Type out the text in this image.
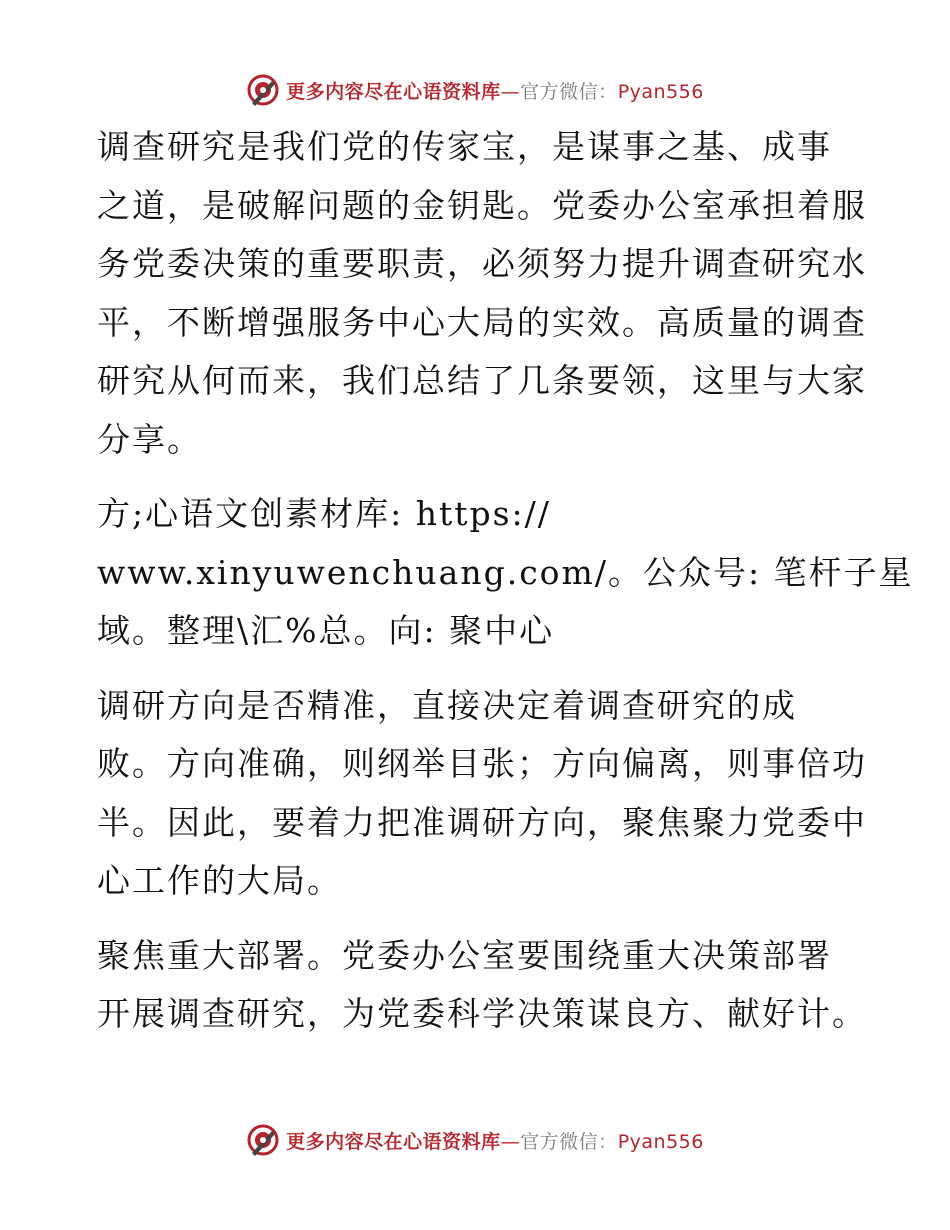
更多内容尽在心语资料库—官方微信：Pyan556

调查研究是我们党的传家宝，是谋事之基、成事
之道，是破解问题的金钥匙。党委办公室承担着服
务党委决策的重要职责，必须努力提升调查研究水
平，不断增强服务中心大局的实效。高质量的调查
研究从何而来，我们总结了几条要领，这里与大家
分享。

方;心语文创素材库: https://
www.xinyuwenchuang.com/。公众号: 笔杆子星
域。整理\汇%总。向: 聚中心

调研方向是否精准，直接决定着调查研究的成
败。方向准确，则纲举目张；方向偏离，则事倍功
半。因此，要着力把准调研方向，聚焦聚力党委中
心工作的大局。

聚焦重大部署。党委办公室要围绕重大决策部署
开展调查研究，为党委科学决策谋良方、献好计。

更多内容尽在心语资料库—官方微信：Pyan556
